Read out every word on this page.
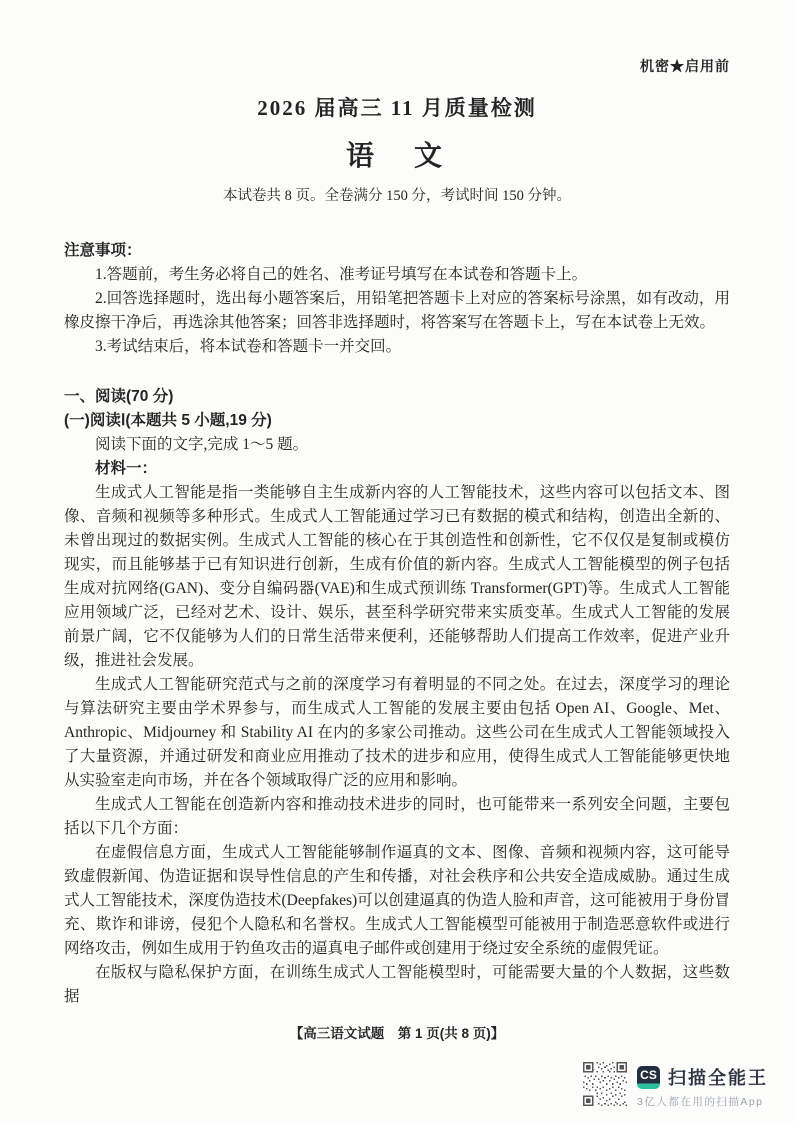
机密★启用前
2026 届高三 11 月质量检测
语　文
本试卷共 8 页。全卷满分 150 分，考试时间 150 分钟。
注意事项：

1.答题前，考生务必将自己的姓名、准考证号填写在本试卷和答题卡上。

2.回答选择题时，选出每小题答案后，用铅笔把答题卡上对应的答案标号涂黑，如有改动，用橡皮擦干净后，再选涂其他答案；回答非选择题时，将答案写在答题卡上，写在本试卷上无效。

3.考试结束后，将本试卷和答题卡一并交回。

一、阅读(70 分)
(一)阅读Ⅰ(本题共 5 小题,19 分)

阅读下面的文字,完成 1～5 题。

材料一：

生成式人工智能是指一类能够自主生成新内容的人工智能技术，这些内容可以包括文本、图像、音频和视频等多种形式。生成式人工智能通过学习已有数据的模式和结构，创造出全新的、未曾出现过的数据实例。生成式人工智能的核心在于其创造性和创新性，它不仅仅是复制或模仿现实，而且能够基于已有知识进行创新，生成有价值的新内容。生成式人工智能模型的例子包括生成对抗网络(GAN)、变分自编码器(VAE)和生成式预训练 Transformer(GPT)等。生成式人工智能应用领域广泛，已经对艺术、设计、娱乐，甚至科学研究带来实质变革。生成式人工智能的发展前景广阔，它不仅能够为人们的日常生活带来便利，还能够帮助人们提高工作效率，促进产业升级，推进社会发展。

生成式人工智能研究范式与之前的深度学习有着明显的不同之处。在过去，深度学习的理论与算法研究主要由学术界参与，而生成式人工智能的发展主要由包括 Open AI、Google、Met、Anthropic、Midjourney 和 Stability AI 在内的多家公司推动。这些公司在生成式人工智能领域投入了大量资源，并通过研发和商业应用推动了技术的进步和应用，使得生成式人工智能能够更快地从实验室走向市场，并在各个领域取得广泛的应用和影响。

生成式人工智能在创造新内容和推动技术进步的同时，也可能带来一系列安全问题，主要包括以下几个方面：

在虚假信息方面，生成式人工智能能够制作逼真的文本、图像、音频和视频内容，这可能导致虚假新闻、伪造证据和误导性信息的产生和传播，对社会秩序和公共安全造成威胁。通过生成式人工智能技术，深度伪造技术(Deepfakes)可以创建逼真的伪造人脸和声音，这可能被用于身份冒充、欺诈和诽谤，侵犯个人隐私和名誉权。生成式人工智能模型可能被用于制造恶意软件或进行网络攻击，例如生成用于钓鱼攻击的逼真电子邮件或创建用于绕过安全系统的虚假凭证。

在版权与隐私保护方面，在训练生成式人工智能模型时，可能需要大量的个人数据，这些数据

【高三语文试题　第 1 页(共 8 页)】
CS 扫描全能王
3亿人都在用的扫描App
